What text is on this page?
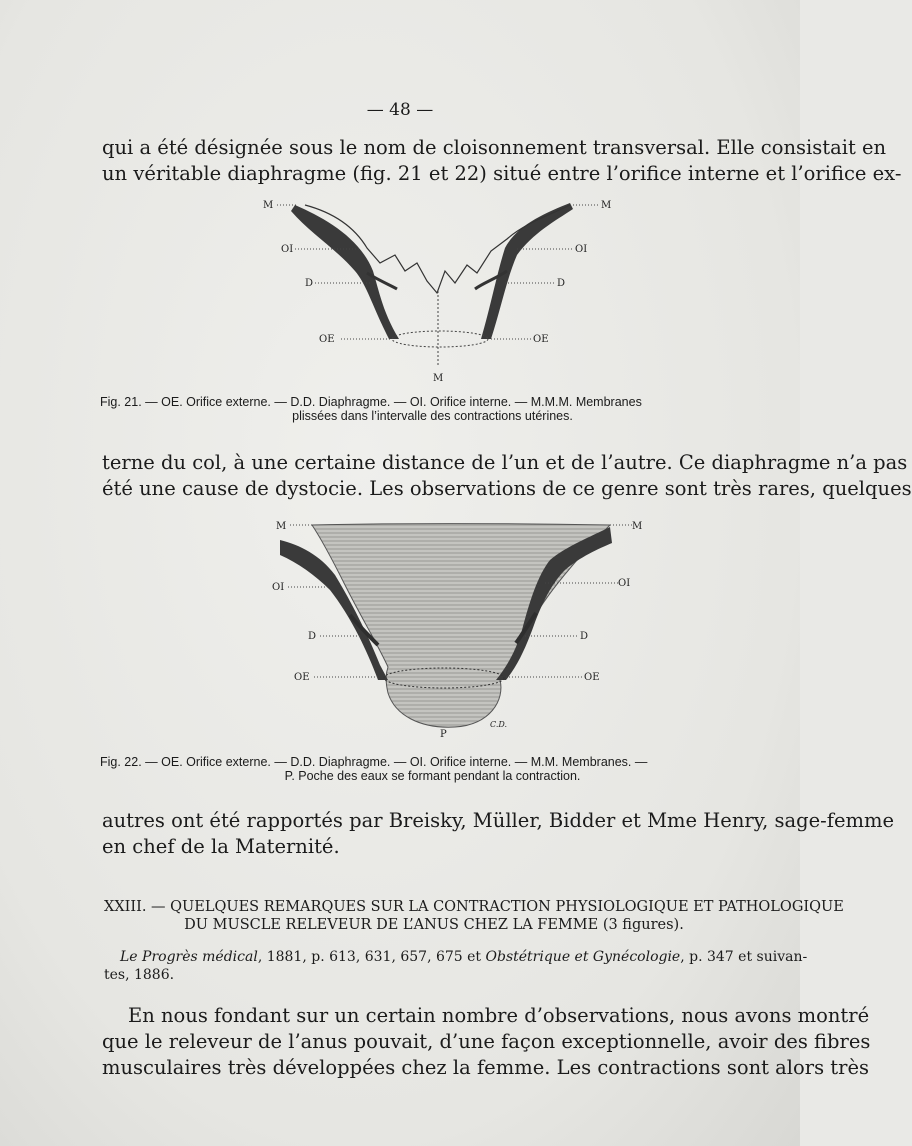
— 48 —
qui a été désignée sous le nom de cloisonnement transversal. Elle consistait en
un véritable diaphragme (fig. 21 et 22) situé entre l’orifice interne et l’orifice ex-
M	M
OI	OI
D	D
OE	OE
M
Fig. 21. — OE. Orifice externe. — D.D. Diaphragme. — OI. Orifice interne. — M.M.M. Membranes
plissées dans l’intervalle des contractions utérines.
terne du col, à une certaine distance de l’un et de l’autre. Ce diaphragme n’a pas
été une cause de dystocie. Les observations de ce genre sont très rares, quelques
M	M
OI	OI
D	D
OE	OE
P
C.D.
Fig. 22. — OE. Orifice externe. — D.D. Diaphragme. — OI. Orifice interne. — M.M. Membranes. —
P. Poche des eaux se formant pendant la contraction.
autres ont été rapportés par Breisky, Müller, Bidder et Mme Henry, sage-femme
en chef de la Maternité.
XXIII. — QUELQUES REMARQUES SUR LA CONTRACTION PHYSIOLOGIQUE ET PATHOLOGIQUE
DU MUSCLE RELEVEUR DE L’ANUS CHEZ LA FEMME (3 figures).
Le Progrès médical, 1881, p. 613, 631, 657, 675 et Obstétrique et Gynécologie, p. 347 et suivan-
tes, 1886.
En nous fondant sur un certain nombre d’observations, nous avons montré
que le releveur de l’anus pouvait, d’une façon exceptionnelle, avoir des fibres
musculaires très développées chez la femme. Les contractions sont alors très
